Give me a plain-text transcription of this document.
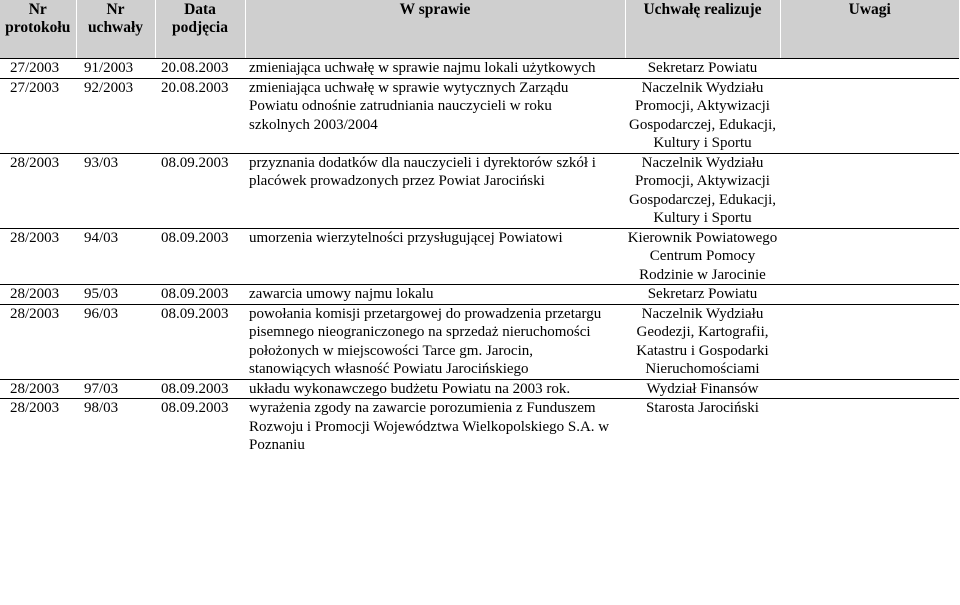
Nr protokołu	Nr uchwały	Data podjęcia	W sprawie	Uchwałę realizuje	Uwagi
27/2003	91/2003	20.08.2003	zmieniająca uchwałę w sprawie najmu lokali użytkowych	Sekretarz Powiatu	
27/2003	92/2003	20.08.2003	zmieniająca uchwałę w sprawie wytycznych Zarządu Powiatu odnośnie zatrudniania nauczycieli w roku szkolnych 2003/2004	Naczelnik Wydziału Promocji, Aktywizacji Gospodarczej, Edukacji, Kultury i Sportu	
28/2003	93/03	08.09.2003	przyznania dodatków dla nauczycieli i dyrektorów szkół i placówek prowadzonych przez Powiat Jarociński	Naczelnik Wydziału Promocji, Aktywizacji Gospodarczej, Edukacji, Kultury i Sportu	
28/2003	94/03	08.09.2003	umorzenia wierzytelności przysługującej Powiatowi	Kierownik Powiatowego Centrum Pomocy Rodzinie w Jarocinie	
28/2003	95/03	08.09.2003	zawarcia umowy najmu lokalu	Sekretarz Powiatu	
28/2003	96/03	08.09.2003	powołania komisji przetargowej do prowadzenia przetargu pisemnego nieograniczonego na sprzedaż nieruchomości położonych w miejscowości Tarce gm. Jarocin, stanowiących własność Powiatu Jarocińskiego	Naczelnik Wydziału Geodezji, Kartografii, Katastru i Gospodarki Nieruchomościami	
28/2003	97/03	08.09.2003	układu wykonawczego budżetu Powiatu na 2003 rok.	Wydział Finansów	
28/2003	98/03	08.09.2003	wyrażenia zgody na zawarcie porozumienia z Funduszem Rozwoju i Promocji Województwa Wielkopolskiego S.A. w Poznaniu	Starosta Jarociński	
